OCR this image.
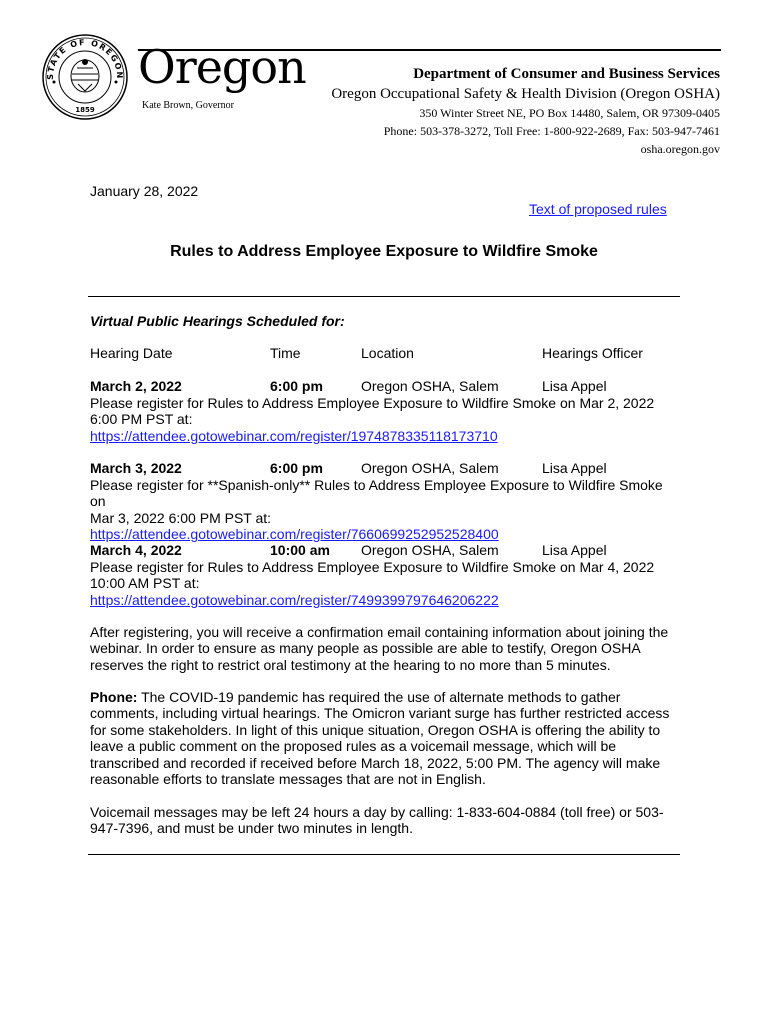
STATE OF OREGON
1859
Oregon
Kate Brown, Governor
Department of Consumer and Business Services
Oregon Occupational Safety & Health Division (Oregon OSHA)
350 Winter Street NE, PO Box 14480, Salem, OR 97309-0405
Phone: 503-378-3272, Toll Free: 1-800-922-2689, Fax: 503-947-7461
osha.oregon.gov
January 28, 2022
Text of proposed rules
Rules to Address Employee Exposure to Wildfire Smoke
Virtual Public Hearings Scheduled for:
Hearing Date	Time	Location	Hearings Officer
March 2, 2022	6:00 pm	Oregon OSHA, Salem	Lisa Appel
Please register for Rules to Address Employee Exposure to Wildfire Smoke on Mar 2, 2022
6:00 PM PST at:
https://attendee.gotowebinar.com/register/1974878335118173710
March 3, 2022	6:00 pm	Oregon OSHA, Salem	Lisa Appel
Please register for **Spanish-only** Rules to Address Employee Exposure to Wildfire Smoke on
Mar 3, 2022 6:00 PM PST at:
https://attendee.gotowebinar.com/register/7660699252952528400
March 4, 2022	10:00 am Oregon OSHA, Salem	Lisa Appel
Please register for Rules to Address Employee Exposure to Wildfire Smoke on Mar 4, 2022
10:00 AM PST at:
https://attendee.gotowebinar.com/register/7499399797646206222
After registering, you will receive a confirmation email containing information about joining the
webinar. In order to ensure as many people as possible are able to testify, Oregon OSHA
reserves the right to restrict oral testimony at the hearing to no more than 5 minutes.
Phone: The COVID-19 pandemic has required the use of alternate methods to gather
comments, including virtual hearings. The Omicron variant surge has further restricted access
for some stakeholders. In light of this unique situation, Oregon OSHA is offering the ability to
leave a public comment on the proposed rules as a voicemail message, which will be
transcribed and recorded if received before March 18, 2022, 5:00 PM. The agency will make
reasonable efforts to translate messages that are not in English.
Voicemail messages may be left 24 hours a day by calling: 1-833-604-0884 (toll free) or 503-
947-7396, and must be under two minutes in length.
